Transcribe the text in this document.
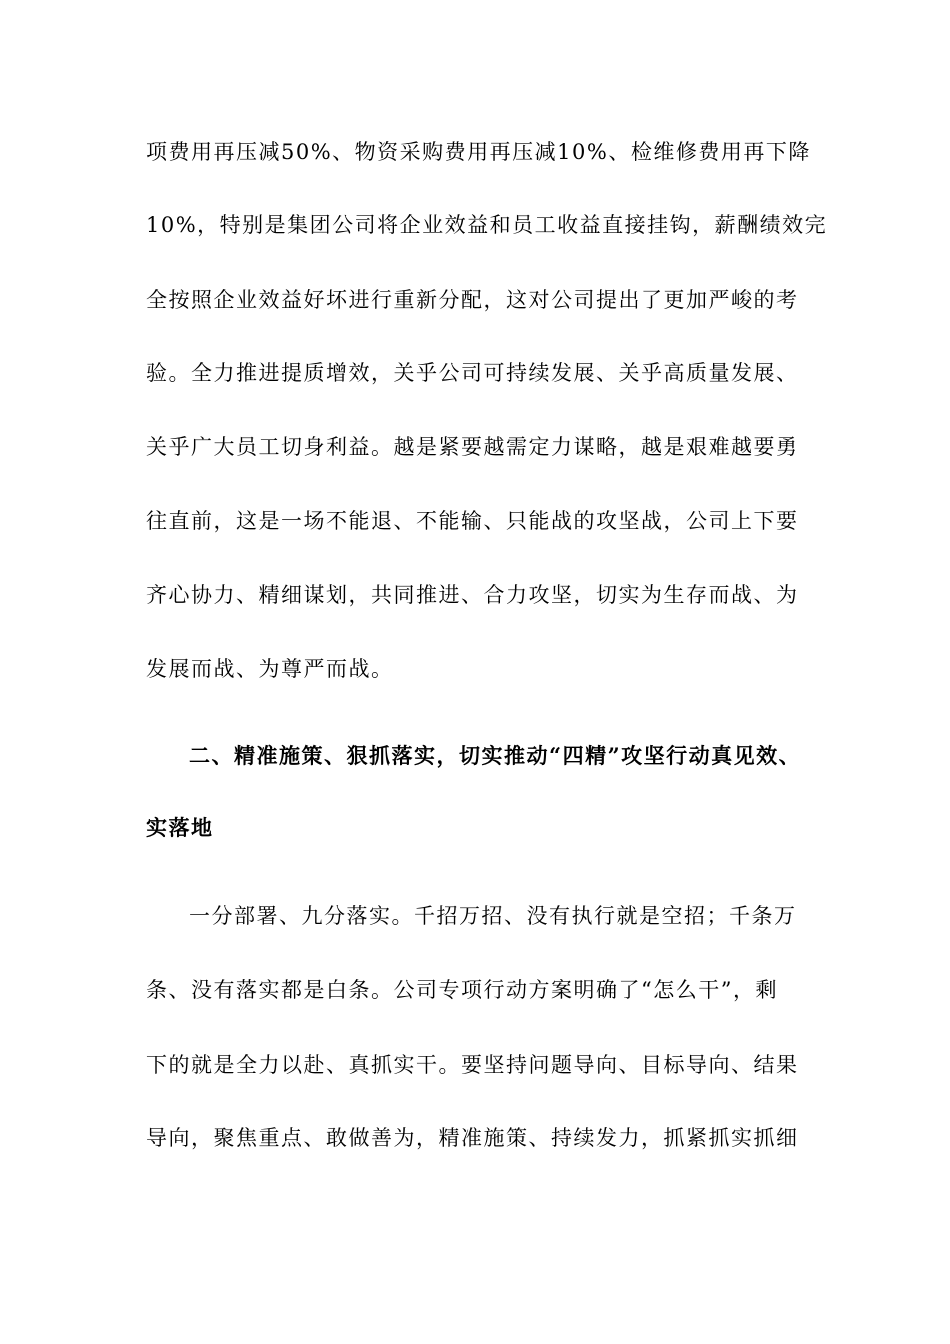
项费用再压减50%、物资采购费用再压减10%、检维修费用再下降
10%，特别是集团公司将企业效益和员工收益直接挂钩，薪酬绩效完
全按照企业效益好坏进行重新分配，这对公司提出了更加严峻的考
验。全力推进提质增效，关乎公司可持续发展、关乎高质量发展、
关乎广大员工切身利益。越是紧要越需定力谋略，越是艰难越要勇
往直前，这是一场不能退、不能输、只能战的攻坚战，公司上下要
齐心协力、精细谋划，共同推进、合力攻坚，切实为生存而战、为
发展而战、为尊严而战。
二、精准施策、狠抓落实，切实推动“四精”攻坚行动真见效、
实落地
一分部署、九分落实。千招万招、没有执行就是空招；千条万
条、没有落实都是白条。公司专项行动方案明确了“怎么干”，剩
下的就是全力以赴、真抓实干。要坚持问题导向、目标导向、结果
导向，聚焦重点、敢做善为，精准施策、持续发力，抓紧抓实抓细
